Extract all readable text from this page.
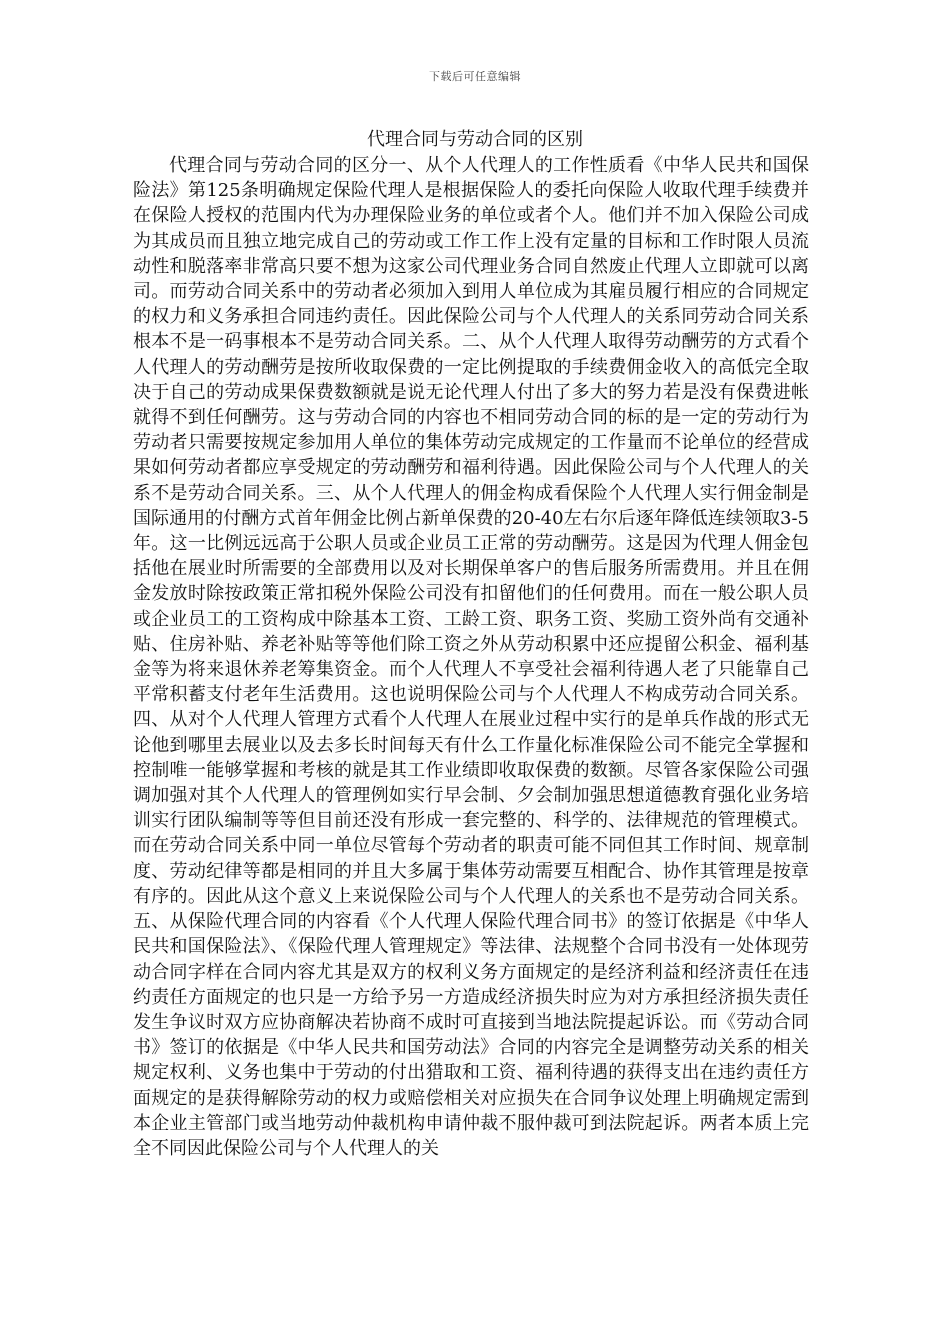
下载后可任意编辑
代理合同与劳动合同的区别

代理合同与劳动合同的区分一、从个人代理人的工作性质看《中华人民共和国保险法》第125条明确规定保险代理人是根据保险人的委托向保险人收取代理手续费并在保险人授权的范围内代为办理保险业务的单位或者个人。他们并不加入保险公司成为其成员而且独立地完成自己的劳动或工作工作上没有定量的目标和工作时限人员流动性和脱落率非常高只要不想为这家公司代理业务合同自然废止代理人立即就可以离司。而劳动合同关系中的劳动者必须加入到用人单位成为其雇员履行相应的合同规定的权力和义务承担合同违约责任。因此保险公司与个人代理人的关系同劳动合同关系根本不是一码事根本不是劳动合同关系。二、从个人代理人取得劳动酬劳的方式看个人代理人的劳动酬劳是按所收取保费的一定比例提取的手续费佣金收入的高低完全取决于自己的劳动成果保费数额就是说无论代理人付出了多大的努力若是没有保费进帐就得不到任何酬劳。这与劳动合同的内容也不相同劳动合同的标的是一定的劳动行为劳动者只需要按规定参加用人单位的集体劳动完成规定的工作量而不论单位的经营成果如何劳动者都应享受规定的劳动酬劳和福利待遇。因此保险公司与个人代理人的关系不是劳动合同关系。三、从个人代理人的佣金构成看保险个人代理人实行佣金制是国际通用的付酬方式首年佣金比例占新单保费的20-40左右尔后逐年降低连续领取3-5年。这一比例远远高于公职人员或企业员工正常的劳动酬劳。这是因为代理人佣金包括他在展业时所需要的全部费用以及对长期保单客户的售后服务所需费用。并且在佣金发放时除按政策正常扣税外保险公司没有扣留他们的任何费用。而在一般公职人员或企业员工的工资构成中除基本工资、工龄工资、职务工资、奖励工资外尚有交通补贴、住房补贴、养老补贴等等他们除工资之外从劳动积累中还应提留公积金、福利基金等为将来退休养老筹集资金。而个人代理人不享受社会福利待遇人老了只能靠自己平常积蓄支付老年生活费用。这也说明保险公司与个人代理人不构成劳动合同关系。四、从对个人代理人管理方式看个人代理人在展业过程中实行的是单兵作战的形式无论他到哪里去展业以及去多长时间每天有什么工作量化标准保险公司不能完全掌握和控制唯一能够掌握和考核的就是其工作业绩即收取保费的数额。尽管各家保险公司强调加强对其个人代理人的管理例如实行早会制、夕会制加强思想道德教育强化业务培训实行团队编制等等但目前还没有形成一套完整的、科学的、法律规范的管理模式。而在劳动合同关系中同一单位尽管每个劳动者的职责可能不同但其工作时间、规章制度、劳动纪律等都是相同的并且大多属于集体劳动需要互相配合、协作其管理是按章有序的。因此从这个意义上来说保险公司与个人代理人的关系也不是劳动合同关系。五、从保险代理合同的内容看《个人代理人保险代理合同书》的签订依据是《中华人民共和国保险法》、《保险代理人管理规定》等法律、法规整个合同书没有一处体现劳动合同字样在合同内容尤其是双方的权利义务方面规定的是经济利益和经济责任在违约责任方面规定的也只是一方给予另一方造成经济损失时应为对方承担经济损失责任发生争议时双方应协商解决若协商不成时可直接到当地法院提起诉讼。而《劳动合同书》签订的依据是《中华人民共和国劳动法》合同的内容完全是调整劳动关系的相关规定权利、义务也集中于劳动的付出猎取和工资、福利待遇的获得支出在违约责任方面规定的是获得解除劳动的权力或赔偿相关对应损失在合同争议处理上明确规定需到本企业主管部门或当地劳动仲裁机构申请仲裁不服仲裁可到法院起诉。两者本质上完全不同因此保险公司与个人代理人的关
